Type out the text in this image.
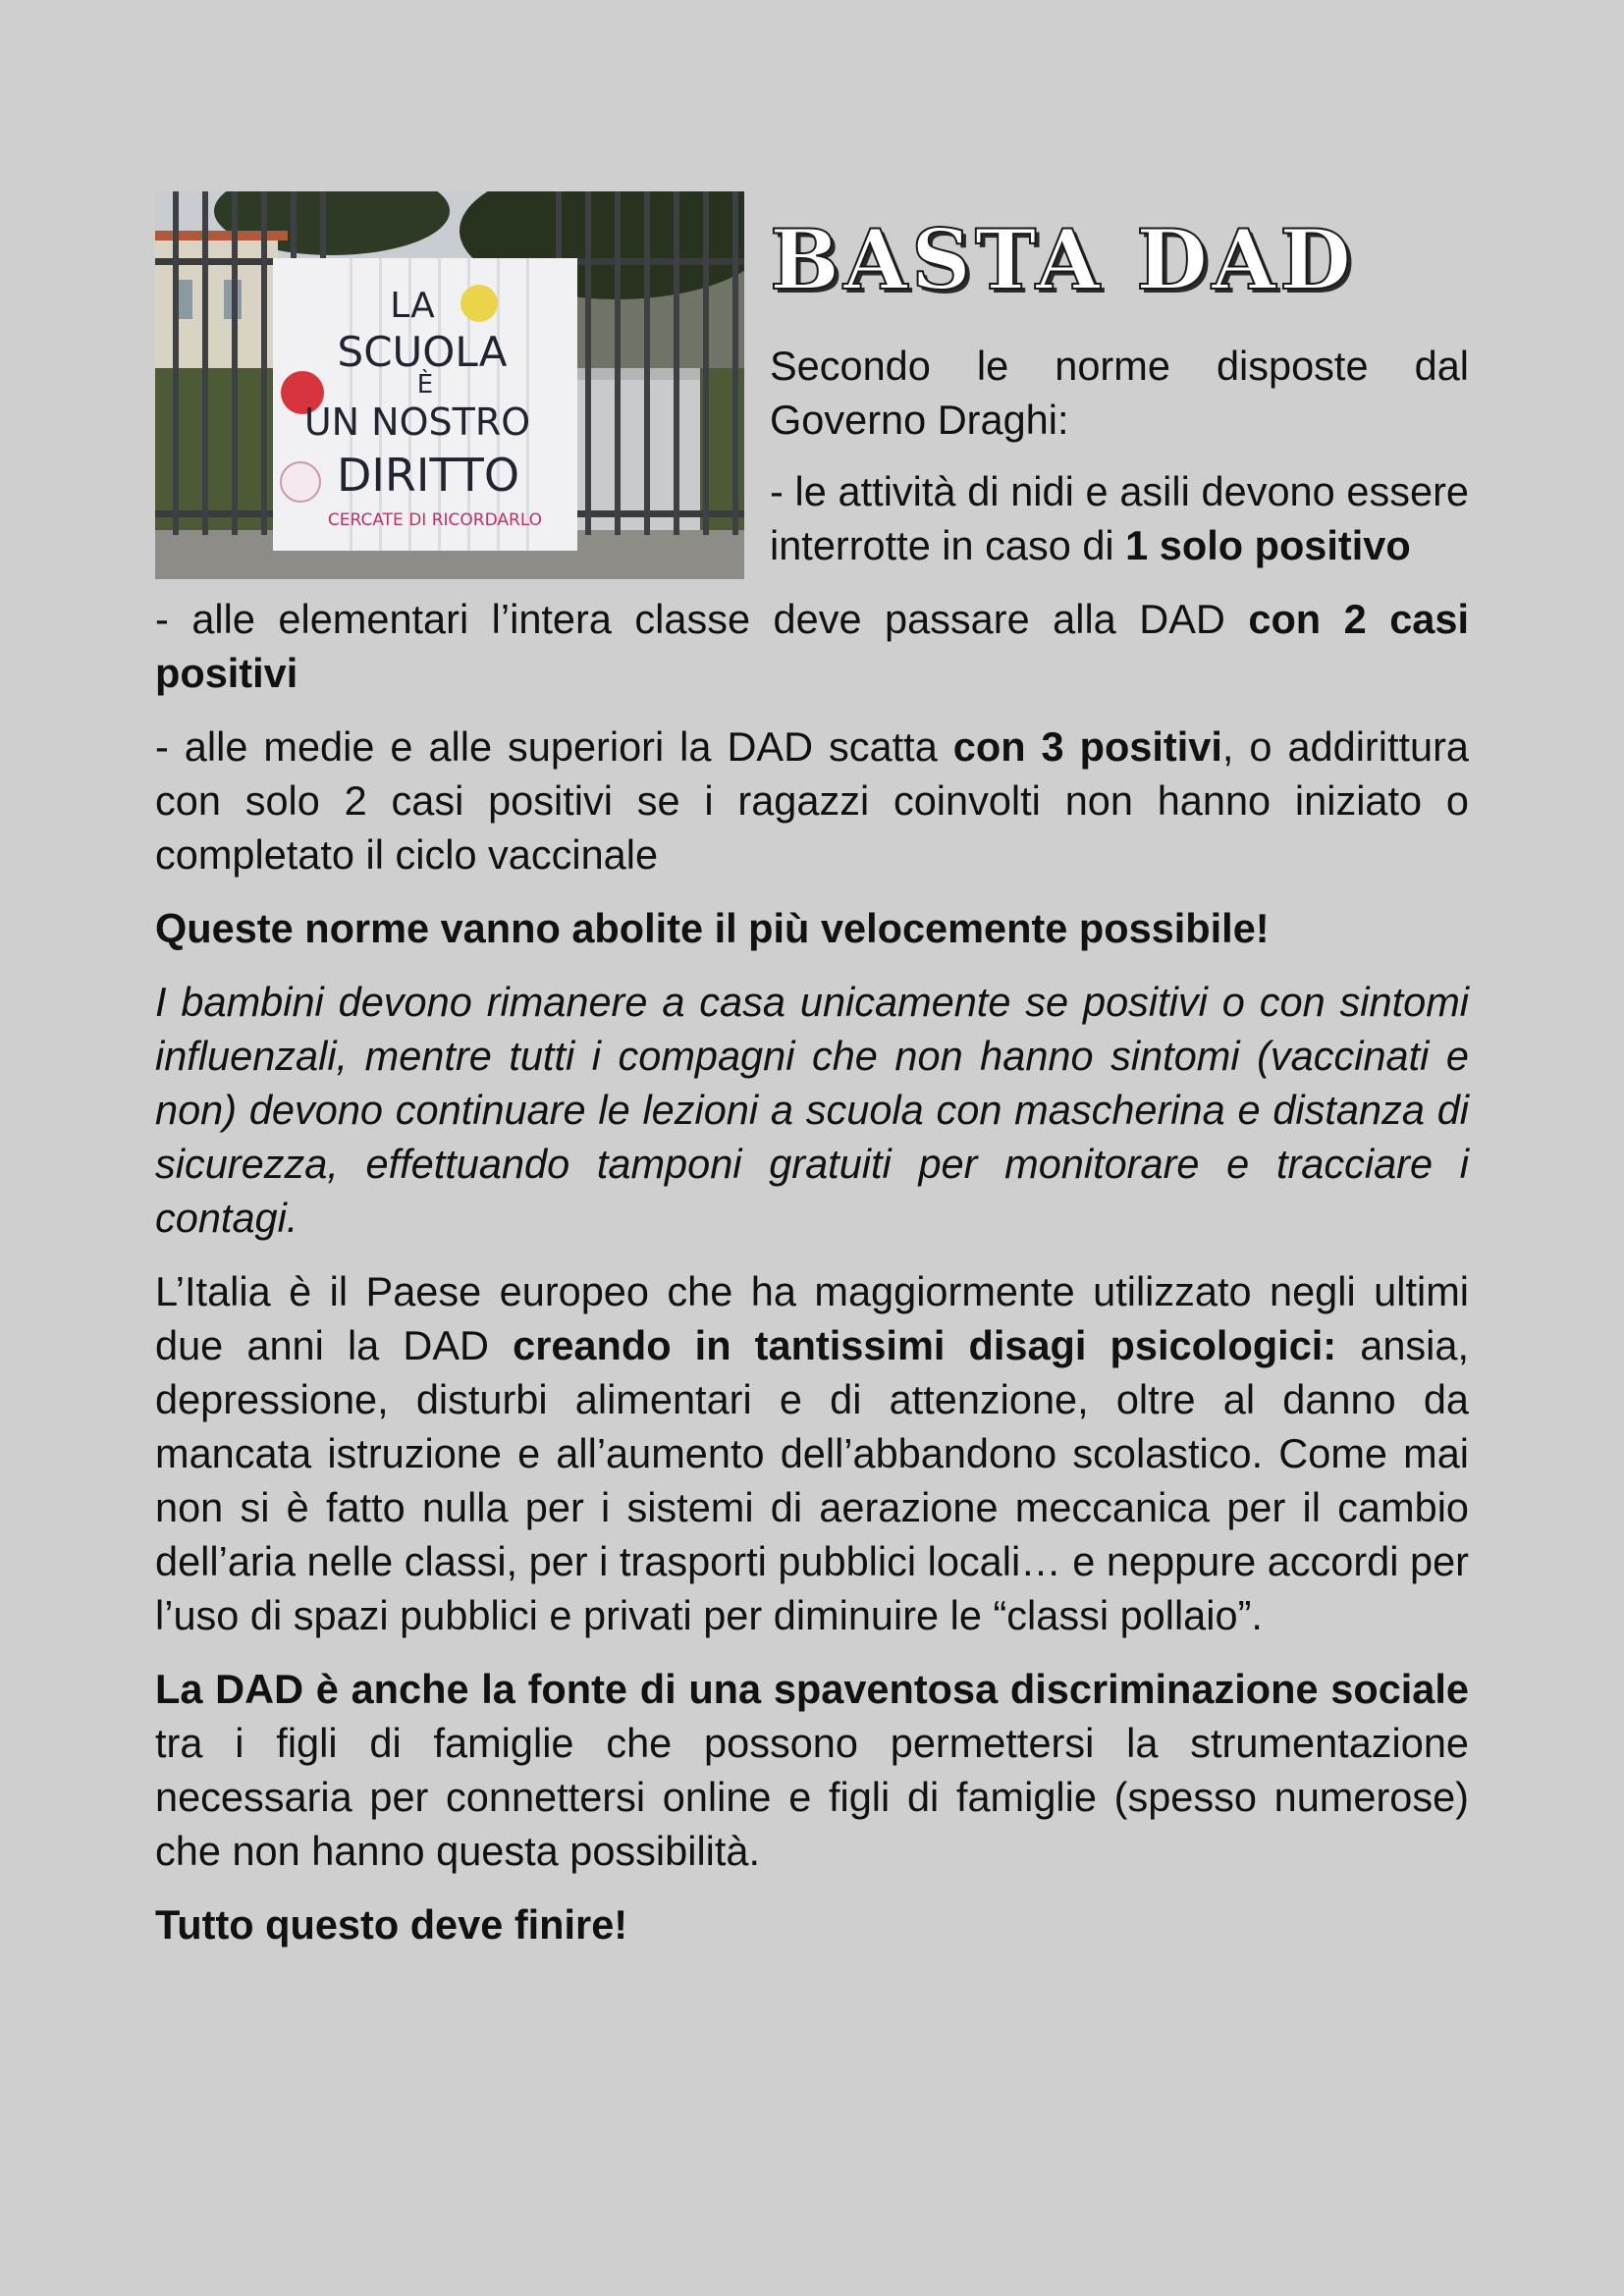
LA
SCUOLA
È
UN NOSTRO
DIRITTO
CERCATE DI RICORDARLO
BASTA DAD

Secondo le norme disposte dal Governo Draghi:

- le attività di nidi e asili devono essere interrotte in caso di 1 solo positivo

- alle elementari l’intera classe deve passare alla DAD con 2 casi positivi

- alle medie e alle superiori la DAD scatta con 3 positivi, o addirittura con solo 2 casi positivi se i ragazzi coinvolti non hanno iniziato o completato il ciclo vaccinale

Queste norme vanno abolite il più velocemente possibile!

I bambini devono rimanere a casa unicamente se positivi o con sintomi influenzali, mentre tutti i compagni che non hanno sintomi (vaccinati e non) devono continuare le lezioni a scuola con mascherina e distanza di sicurezza, effettuando tamponi gratuiti per monitorare e tracciare i contagi.

L’Italia è il Paese europeo che ha maggiormente utilizzato negli ultimi due anni la DAD creando in tantissimi disagi psicologici: ansia, depressione, disturbi alimentari e di attenzione, oltre al danno da mancata istruzione e all’aumento dell’abbandono scolastico. Come mai non si è fatto nulla per i sistemi di aerazione meccanica per il cambio dell’aria nelle classi, per i trasporti pubblici locali… e neppure accordi per l’uso di spazi pubblici e privati per diminuire le “classi pollaio”.

La DAD è anche la fonte di una spaventosa discriminazione sociale tra i figli di famiglie che possono permettersi la strumentazione necessaria per connettersi online e figli di famiglie (spesso numerose) che non hanno questa possibilità.

Tutto questo deve finire!
